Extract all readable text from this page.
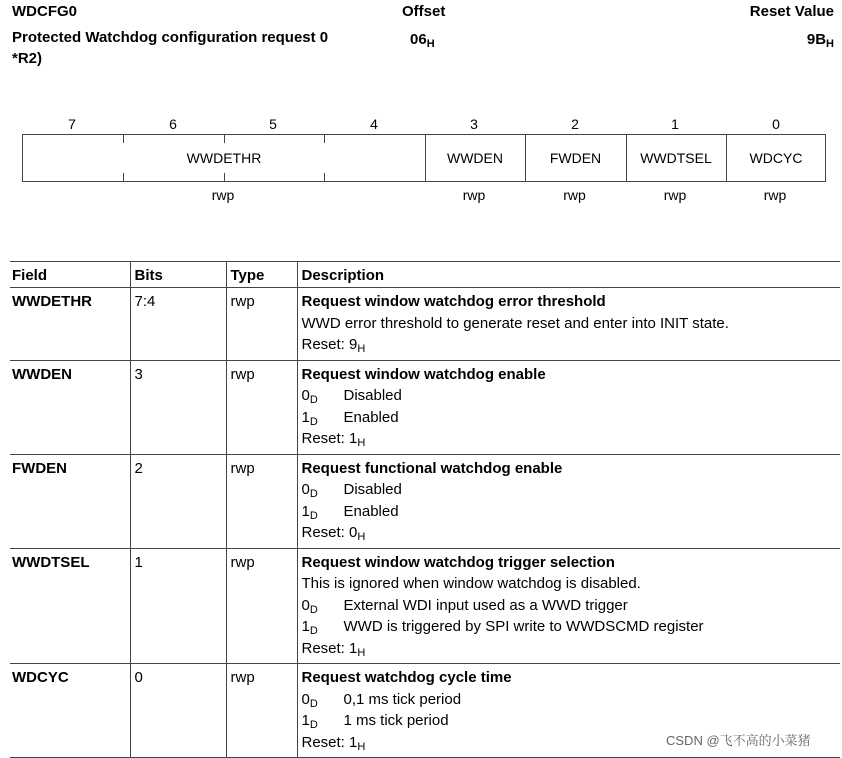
WDCFG0
Protected Watchdog configuration request 0
*R2)
Offset
$06_H$
Reset Value
$9B_H$
7	6	5	4	3	2	1	0
WWDETHR	WWDEN	FWDEN	WWDTSEL	WDCYC
rwp	rwp	rwp	rwp	rwp
Field	Bits	Type	Description
WWDETHR	7:4	rwp	Request window watchdog error threshold
WWD error threshold to generate reset and enter into INIT state.
Reset: $9_H$

WWDEN	3	rwp	Request window watchdog enable
$0_D$ Disabled
$1_D$ Enabled
Reset: $1_H$

FWDEN	2	rwp	Request functional watchdog enable
$0_D$ Disabled
$1_D$ Enabled
Reset: $0_H$

WWDTSEL	1	rwp	Request window watchdog trigger selection
This is ignored when window watchdog is disabled.
$0_D$ External WDI input used as a WWD trigger
$1_D$ WWD is triggered by SPI write to WWDSCMD register
Reset: $1_H$

WDCYC	0	rwp	Request watchdog cycle time
$0_D$ 0,1 ms tick period
$1_D$ 1 ms tick period
Reset: $1_H$	CSDN @飞不高的小菜猪
